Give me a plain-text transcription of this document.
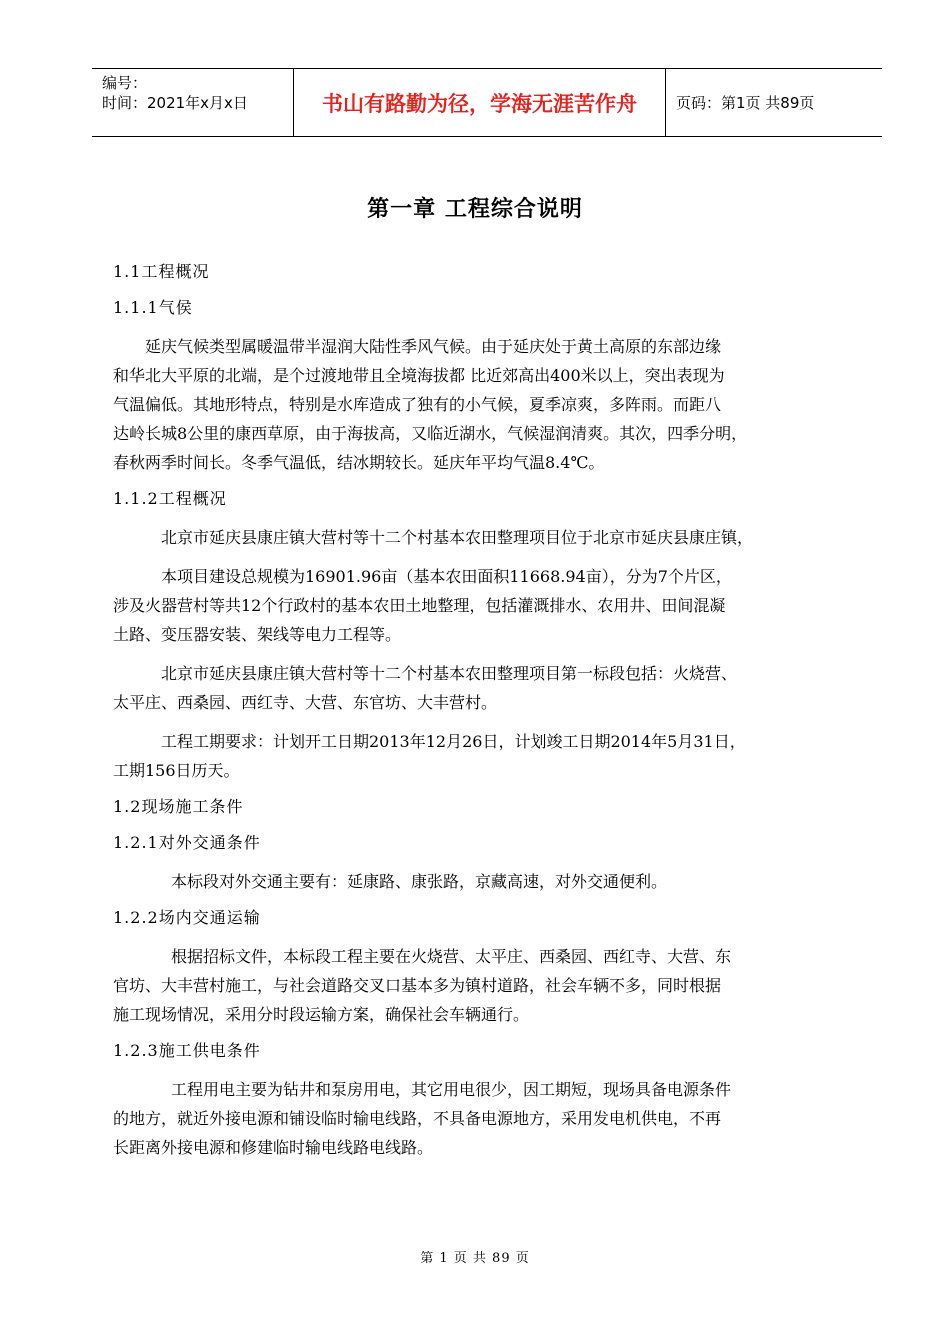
编号：
时间：2021年x月x日	书山有路勤为径，学海无涯苦作舟	页码：第1页 共89页
第一章 工程综合说明

1.1工程概况

1.1.1气侯

延庆气候类型属暖温带半湿润大陆性季风气候。由于延庆处于黄土高原的东部边缘
和华北大平原的北端，是个过渡地带且全境海拔都 比近郊高出400米以上，突出表现为
气温偏低。其地形特点，特别是水库造成了独有的小气候，夏季凉爽，多阵雨。而距八
达岭长城8公里的康西草原，由于海拔高，又临近湖水，气候湿润清爽。其次，四季分明，
春秋两季时间长。冬季气温低，结冰期较长。延庆年平均气温8.4℃。

1.1.2工程概况

北京市延庆县康庄镇大营村等十二个村基本农田整理项目位于北京市延庆县康庄镇，
本项目建设总规模为16901.96亩（基本农田面积11668.94亩），分为7个片区，
涉及火器营村等共12个行政村的基本农田土地整理，包括灌溉排水、农用井、田间混凝
土路、变压器安装、架线等电力工程等。
北京市延庆县康庄镇大营村等十二个村基本农田整理项目第一标段包括：火烧营、
太平庄、西桑园、西红寺、大营、东官坊、大丰营村。
工程工期要求：计划开工日期2013年12月26日，计划竣工日期2014年5月31日，
工期156日历天。

1.2现场施工条件

1.2.1对外交通条件

本标段对外交通主要有：延康路、康张路，京藏高速，对外交通便利。

1.2.2场内交通运输

根据招标文件，本标段工程主要在火烧营、太平庄、西桑园、西红寺、大营、东
官坊、大丰营村施工，与社会道路交叉口基本多为镇村道路，社会车辆不多，同时根据
施工现场情况，采用分时段运输方案，确保社会车辆通行。

1.2.3施工供电条件

工程用电主要为钻井和泵房用电，其它用电很少，因工期短，现场具备电源条件
的地方，就近外接电源和铺设临时输电线路，不具备电源地方，采用发电机供电，不再
长距离外接电源和修建临时输电线路电线路。
第 1 页 共 89 页
